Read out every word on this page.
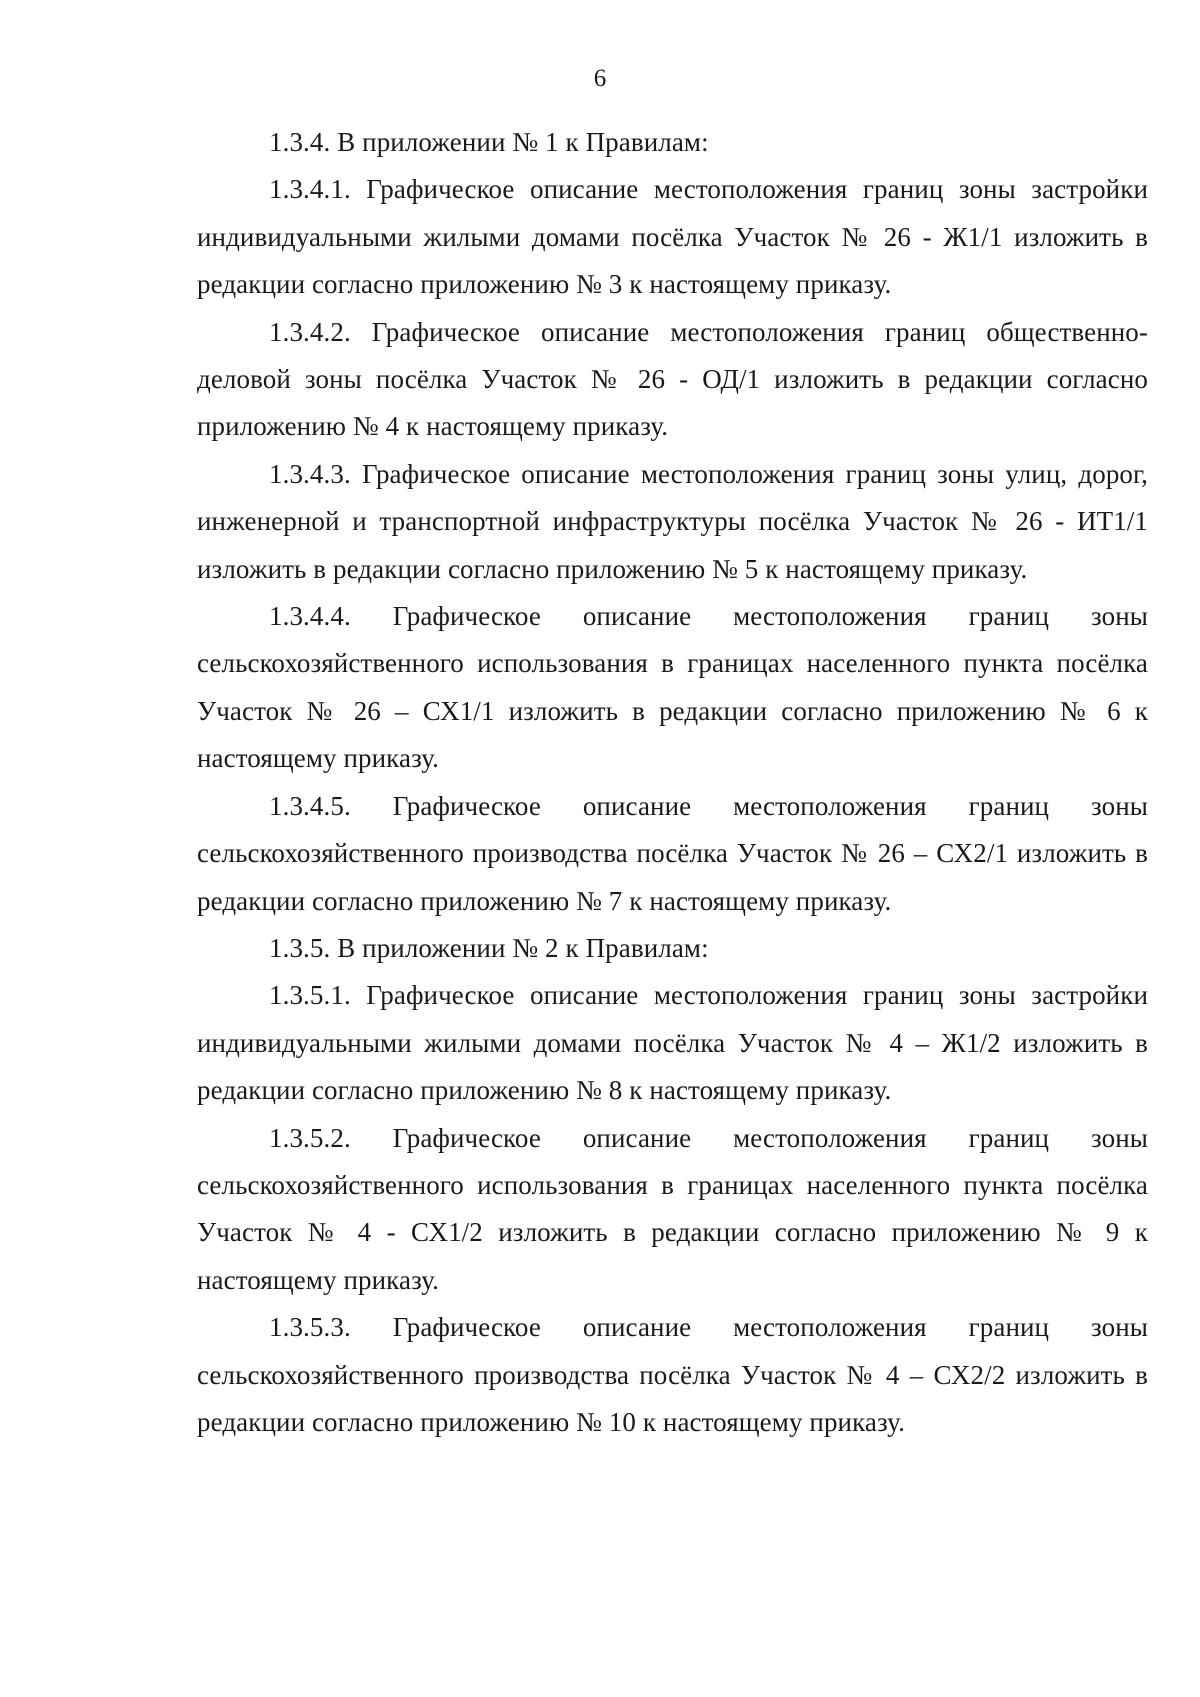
6

1.3.4. В приложении № 1 к Правилам:

1.3.4.1. Графическое описание местоположения границ зоны застройки индивидуальными жилыми домами посёлка Участок № 26 - Ж1/1 изложить в редакции согласно приложению № 3 к настоящему приказу.

1.3.4.2. Графическое описание местоположения границ общественно-деловой зоны посёлка Участок № 26 - ОД/1 изложить в редакции согласно приложению № 4 к настоящему приказу.

1.3.4.3. Графическое описание местоположения границ зоны улиц, дорог, инженерной и транспортной инфраструктуры посёлка Участок № 26 - ИТ1/1 изложить в редакции согласно приложению № 5 к настоящему приказу.

1.3.4.4. Графическое описание местоположения границ зоны сельскохозяйственного использования в границах населенного пункта посёлка Участок № 26 – СХ1/1 изложить в редакции согласно приложению № 6 к настоящему приказу.

1.3.4.5. Графическое описание местоположения границ зоны сельскохозяйственного производства посёлка Участок № 26 – СХ2/1 изложить в редакции согласно приложению № 7 к настоящему приказу.

1.3.5. В приложении № 2 к Правилам:

1.3.5.1. Графическое описание местоположения границ зоны застройки индивидуальными жилыми домами посёлка Участок № 4 – Ж1/2 изложить в редакции согласно приложению № 8 к настоящему приказу.

1.3.5.2. Графическое описание местоположения границ зоны сельскохозяйственного использования в границах населенного пункта посёлка Участок № 4 - СХ1/2 изложить в редакции согласно приложению № 9 к настоящему приказу.

1.3.5.3. Графическое описание местоположения границ зоны сельскохозяйственного производства посёлка Участок № 4 – СХ2/2 изложить в редакции согласно приложению № 10 к настоящему приказу.
